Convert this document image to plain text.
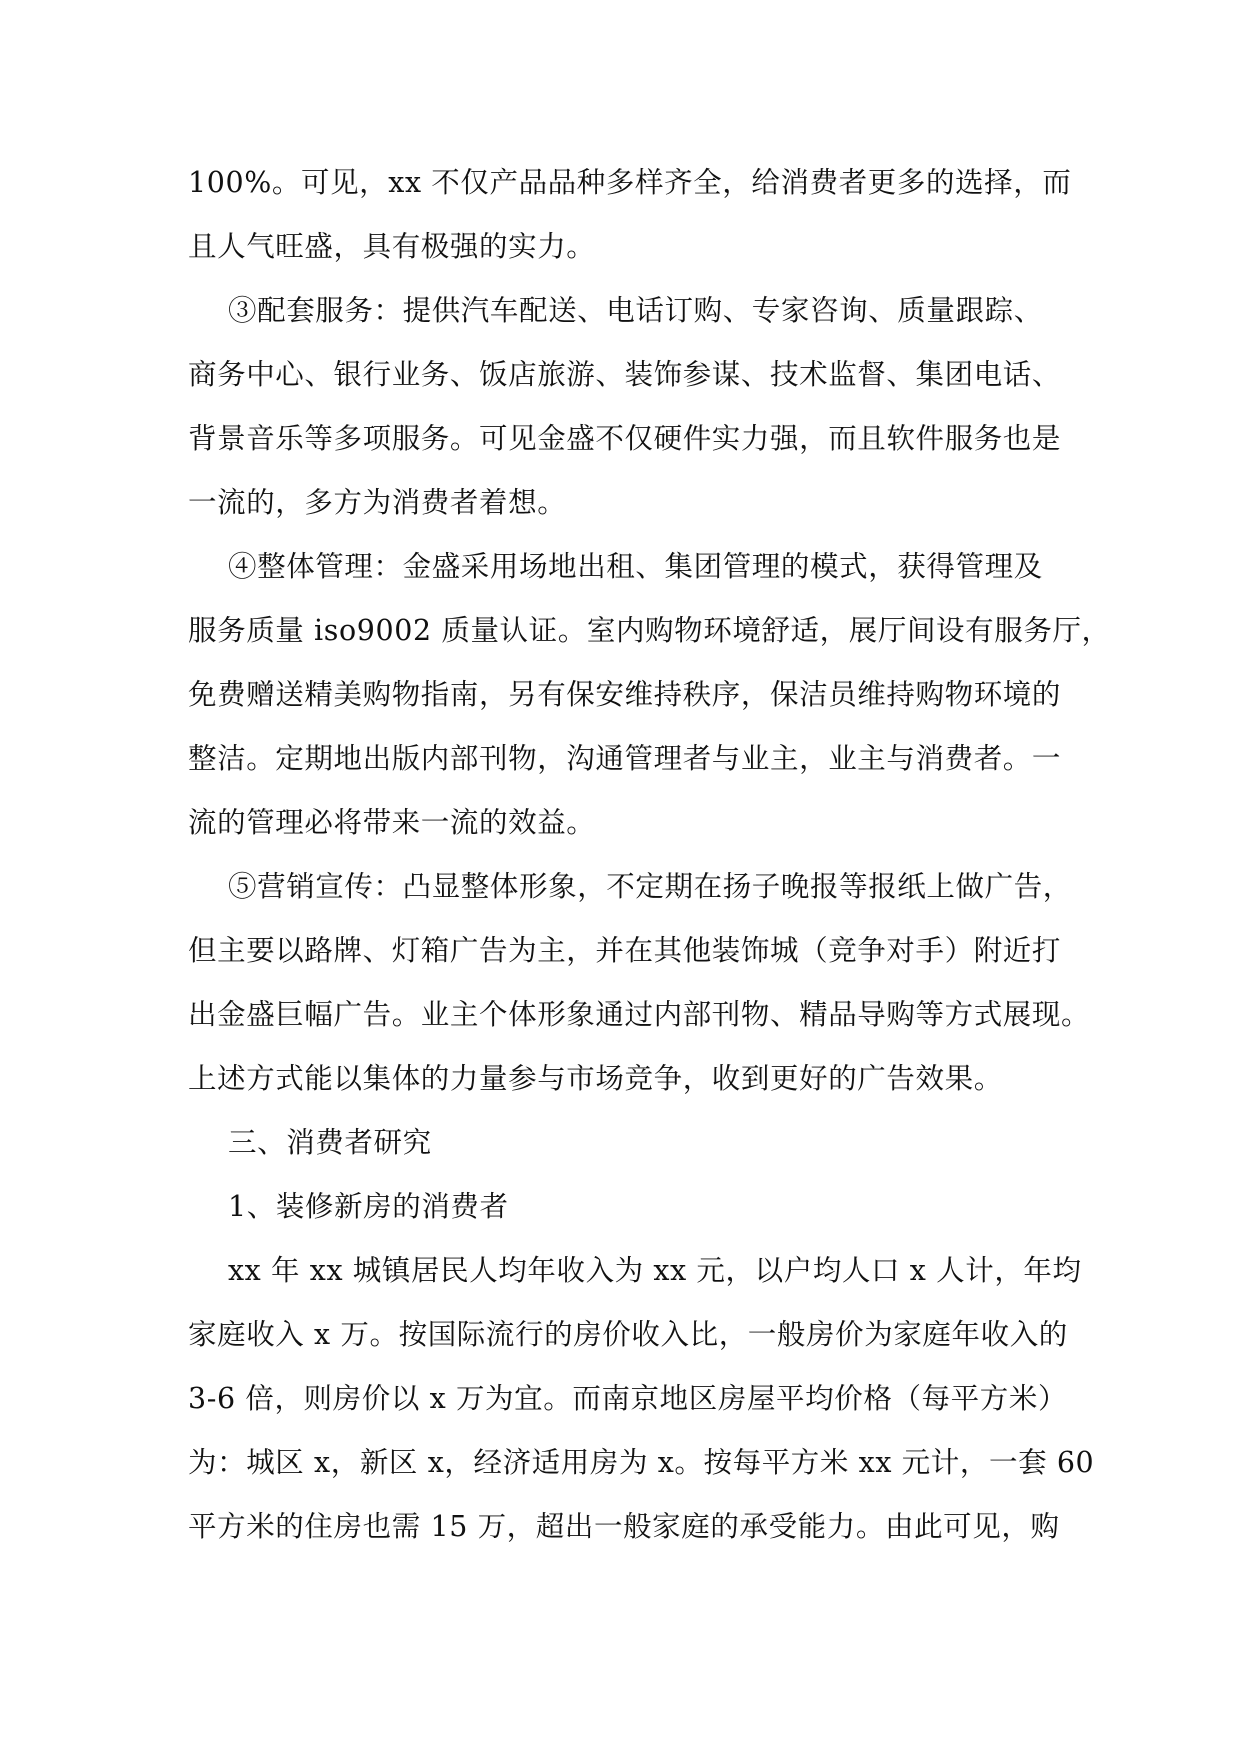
100%。可见，xx 不仅产品品种多样齐全，给消费者更多的选择，而
且人气旺盛，具有极强的实力。
③配套服务：提供汽车配送、电话订购、专家咨询、质量跟踪、
商务中心、银行业务、饭店旅游、装饰参谋、技术监督、集团电话、
背景音乐等多项服务。可见金盛不仅硬件实力强，而且软件服务也是
一流的，多方为消费者着想。
④整体管理：金盛采用场地出租、集团管理的模式，获得管理及
服务质量 iso9002 质量认证。室内购物环境舒适，展厅间设有服务厅，
免费赠送精美购物指南，另有保安维持秩序，保洁员维持购物环境的
整洁。定期地出版内部刊物，沟通管理者与业主，业主与消费者。一
流的管理必将带来一流的效益。
⑤营销宣传：凸显整体形象，不定期在扬子晚报等报纸上做广告，
但主要以路牌、灯箱广告为主，并在其他装饰城（竞争对手）附近打
出金盛巨幅广告。业主个体形象通过内部刊物、精品导购等方式展现。
上述方式能以集体的力量参与市场竞争，收到更好的广告效果。
三、消费者研究
1、装修新房的消费者
xx 年 xx 城镇居民人均年收入为 xx 元，以户均人口 x 人计，年均
家庭收入 x 万。按国际流行的房价收入比，一般房价为家庭年收入的
3-6 倍，则房价以 x 万为宜。而南京地区房屋平均价格（每平方米）
为：城区 x，新区 x，经济适用房为 x。按每平方米 xx 元计，一套 60
平方米的住房也需 15 万，超出一般家庭的承受能力。由此可见，购
